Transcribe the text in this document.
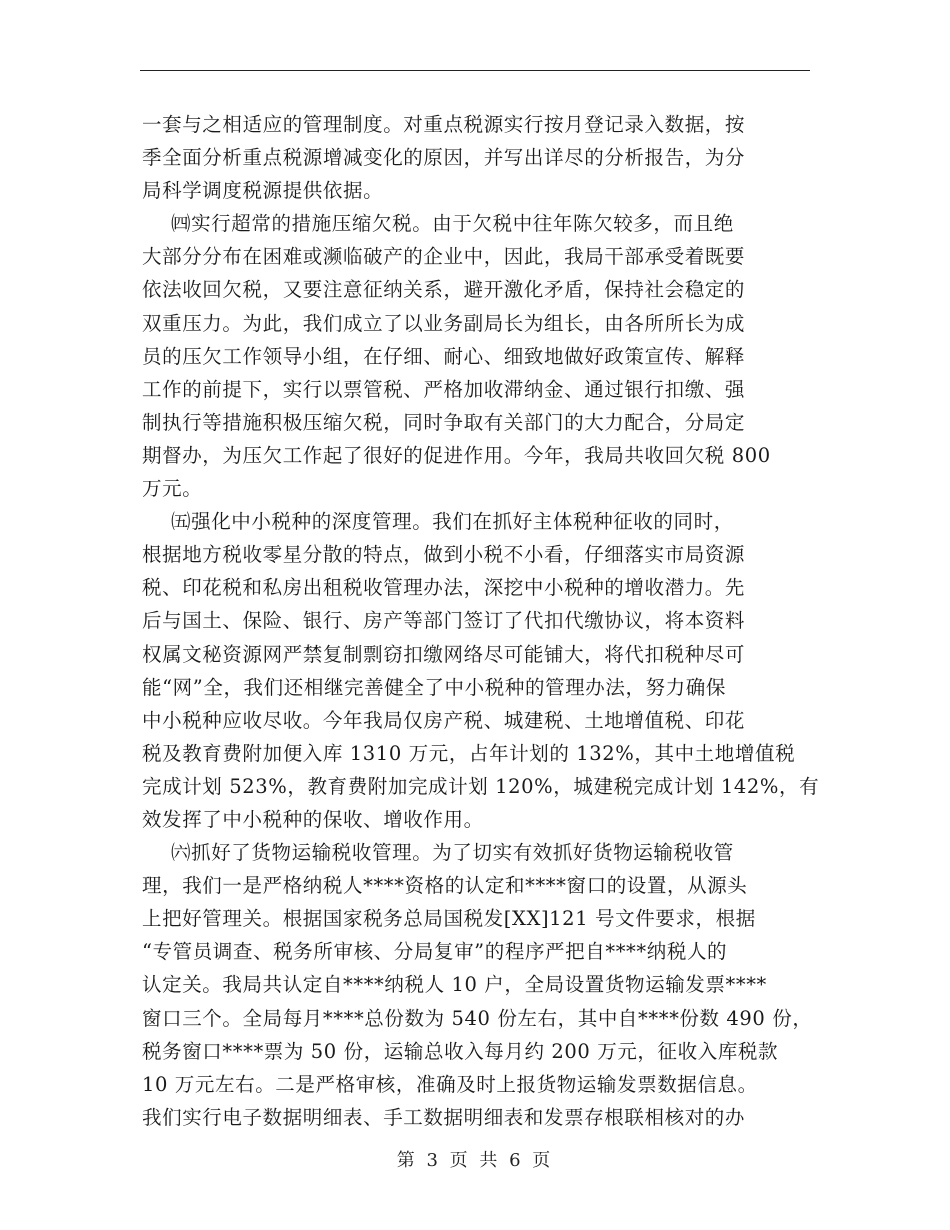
一套与之相适应的管理制度。对重点税源实行按月登记录入数据，按
季全面分析重点税源增减变化的原因，并写出详尽的分析报告，为分
局科学调度税源提供依据。
㈣实行超常的措施压缩欠税。由于欠税中往年陈欠较多，而且绝
大部分分布在困难或濒临破产的企业中，因此，我局干部承受着既要
依法收回欠税，又要注意征纳关系，避开激化矛盾，保持社会稳定的
双重压力。为此，我们成立了以业务副局长为组长，由各所所长为成
员的压欠工作领导小组，在仔细、耐心、细致地做好政策宣传、解释
工作的前提下，实行以票管税、严格加收滞纳金、通过银行扣缴、强
制执行等措施积极压缩欠税，同时争取有关部门的大力配合，分局定
期督办，为压欠工作起了很好的促进作用。今年，我局共收回欠税 800
万元。
㈤强化中小税种的深度管理。我们在抓好主体税种征收的同时，
根据地方税收零星分散的特点，做到小税不小看，仔细落实市局资源
税、印花税和私房出租税收管理办法，深挖中小税种的增收潜力。先
后与国土、保险、银行、房产等部门签订了代扣代缴协议，将本资料
权属文秘资源网严禁复制剽窃扣缴网络尽可能铺大，将代扣税种尽可
能“网”全，我们还相继完善健全了中小税种的管理办法，努力确保
中小税种应收尽收。今年我局仅房产税、城建税、土地增值税、印花
税及教育费附加便入库 1310 万元，占年计划的 132%，其中土地增值税
完成计划 523%，教育费附加完成计划 120%，城建税完成计划 142%，有
效发挥了中小税种的保收、增收作用。
㈥抓好了货物运输税收管理。为了切实有效抓好货物运输税收管
理，我们一是严格纳税人****资格的认定和****窗口的设置，从源头
上把好管理关。根据国家税务总局国税发[XX]121 号文件要求，根据
“专管员调查、税务所审核、分局复审”的程序严把自****纳税人的
认定关。我局共认定自****纳税人 10 户，全局设置货物运输发票****
窗口三个。全局每月****总份数为 540 份左右，其中自****份数 490 份，
税务窗口****票为 50 份，运输总收入每月约 200 万元，征收入库税款
10 万元左右。二是严格审核，准确及时上报货物运输发票数据信息。
我们实行电子数据明细表、手工数据明细表和发票存根联相核对的办
第 3 页 共 6 页
